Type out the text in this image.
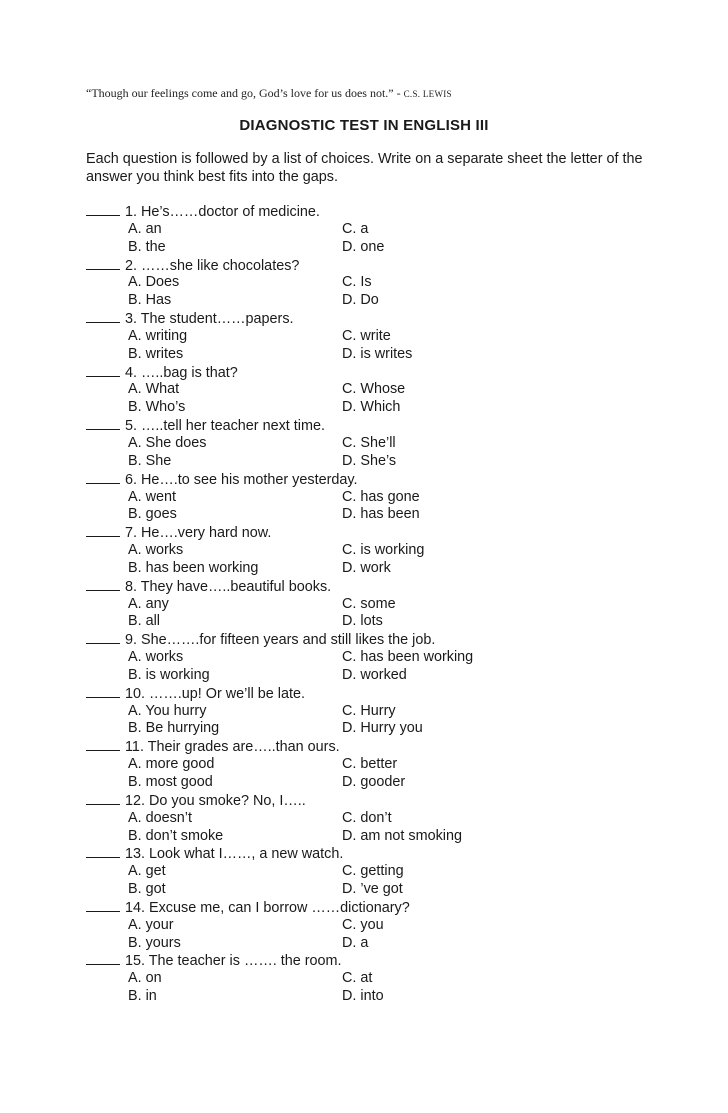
“Though our feelings come and go, God’s love for us does not.” - C.S. LEWIS
DIAGNOSTIC TEST IN ENGLISH III
Each question is followed by a list of choices. Write on a separate sheet the letter of the answer you think best fits into the gaps.
1. He’s……doctor of medicine.
A. an	C. a
B. the	D. one
2. ……she like chocolates?
A. Does	C. Is
B. Has	D. Do
3. The student……papers.
A. writing	C. write
B. writes	D. is writes
4. …..bag is that?
A. What	C. Whose
B. Who’s	D. Which
5. …..tell her teacher next time.
A. She does	C. She’ll
B. She	D. She’s
6. He….to see his mother yesterday.
A. went	C. has gone
B. goes	D. has been
7. He….very hard now.
A. works	C. is working
B. has been working	D. work
8. They have…..beautiful books.
A. any	C. some
B. all	D. lots
9. She…….for fifteen years and still likes the job.
A. works	C. has been working
B. is working	D. worked
10. …….up! Or we’ll be late.
A. You hurry	C. Hurry
B. Be hurrying	D. Hurry you
11. Their grades are…..than ours.
A. more good	C. better
B. most good	D. gooder
12. Do you smoke? No, I…..
A. doesn’t	C. don’t
B. don’t smoke	D. am not smoking
13. Look what I……, a new watch.
A. get	C. getting
B. got	D. ’ve got
14. Excuse me, can I borrow ……dictionary?
A. your	C. you
B. yours	D. a
15. The teacher is ……. the room.
A. on	C. at
B. in	D. into
